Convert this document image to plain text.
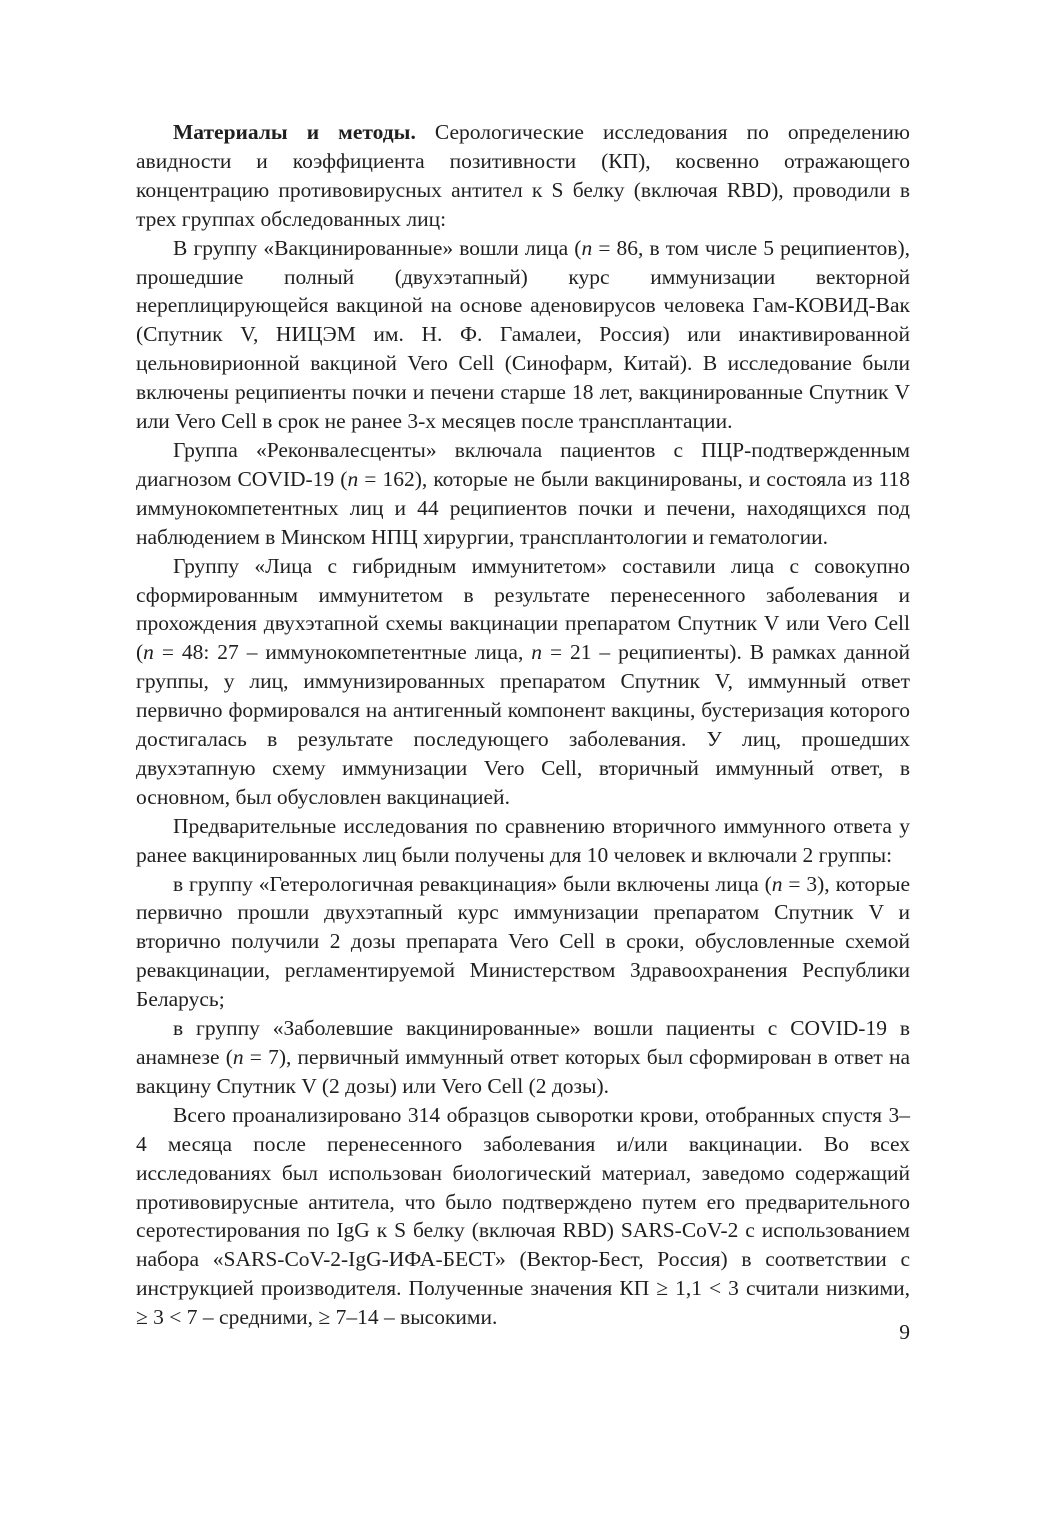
Материалы и методы. Серологические исследования по определению авидности и коэффициента позитивности (КП), косвенно отражающего концентрацию противовирусных антител к S белку (включая RBD), проводили в трех группах обследованных лиц:

В группу «Вакцинированные» вошли лица (n = 86, в том числе 5 реципиентов), прошедшие полный (двухэтапный) курс иммунизации векторной нереплицирующейся вакциной на основе аденовирусов человека Гам-КОВИД-Вак (Спутник V, НИЦЭМ им. Н. Ф. Гамалеи, Россия) или инактивированной цельновирионной вакциной Vero Cell (Синофарм, Китай). В исследование были включены реципиенты почки и печени старше 18 лет, вакцинированные Спутник V или Vero Cell в срок не ранее 3-х месяцев после трансплантации.

Группа «Реконвалесценты» включала пациентов с ПЦР-подтвержденным диагнозом COVID-19 (n = 162), которые не были вакцинированы, и состояла из 118 иммунокомпетентных лиц и 44 реципиентов почки и печени, находящихся под наблюдением в Минском НПЦ хирургии, трансплантологии и гематологии.

Группу «Лица с гибридным иммунитетом» составили лица с совокупно сформированным иммунитетом в результате перенесенного заболевания и прохождения двухэтапной схемы вакцинации препаратом Спутник V или Vero Cell (n = 48: 27 – иммунокомпетентные лица, n = 21 – реципиенты). В рамках данной группы, у лиц, иммунизированных препаратом Спутник V, иммунный ответ первично формировался на антигенный компонент вакцины, бустеризация которого достигалась в результате последующего заболевания. У лиц, прошедших двухэтапную схему иммунизации Vero Cell, вторичный иммунный ответ, в основном, был обусловлен вакцинацией.

Предварительные исследования по сравнению вторичного иммунного ответа у ранее вакцинированных лиц были получены для 10 человек и включали 2 группы:

в группу «Гетерологичная ревакцинация» были включены лица (n = 3), которые первично прошли двухэтапный курс иммунизации препаратом Спутник V и вторично получили 2 дозы препарата Vero Cell в сроки, обусловленные схемой ревакцинации, регламентируемой Министерством Здравоохранения Республики Беларусь;

в группу «Заболевшие вакцинированные» вошли пациенты с COVID-19 в анамнезе (n = 7), первичный иммунный ответ которых был сформирован в ответ на вакцину Спутник V (2 дозы) или Vero Cell (2 дозы).

Всего проанализировано 314 образцов сыворотки крови, отобранных спустя 3–4 месяца после перенесенного заболевания и/или вакцинации. Во всех исследованиях был использован биологический материал, заведомо содержащий противовирусные антитела, что было подтверждено путем его предварительного серотестирования по IgG к S белку (включая RBD) SARS-CoV-2 с использованием набора «SARS-CoV-2-IgG-ИФА-БЕСТ» (Вектор-Бест, Россия) в соответствии с инструкцией производителя. Полученные значения КП ≥ 1,1 < 3 считали низкими, ≥ 3 < 7 – средними, ≥ 7–14 – высокими.

9
